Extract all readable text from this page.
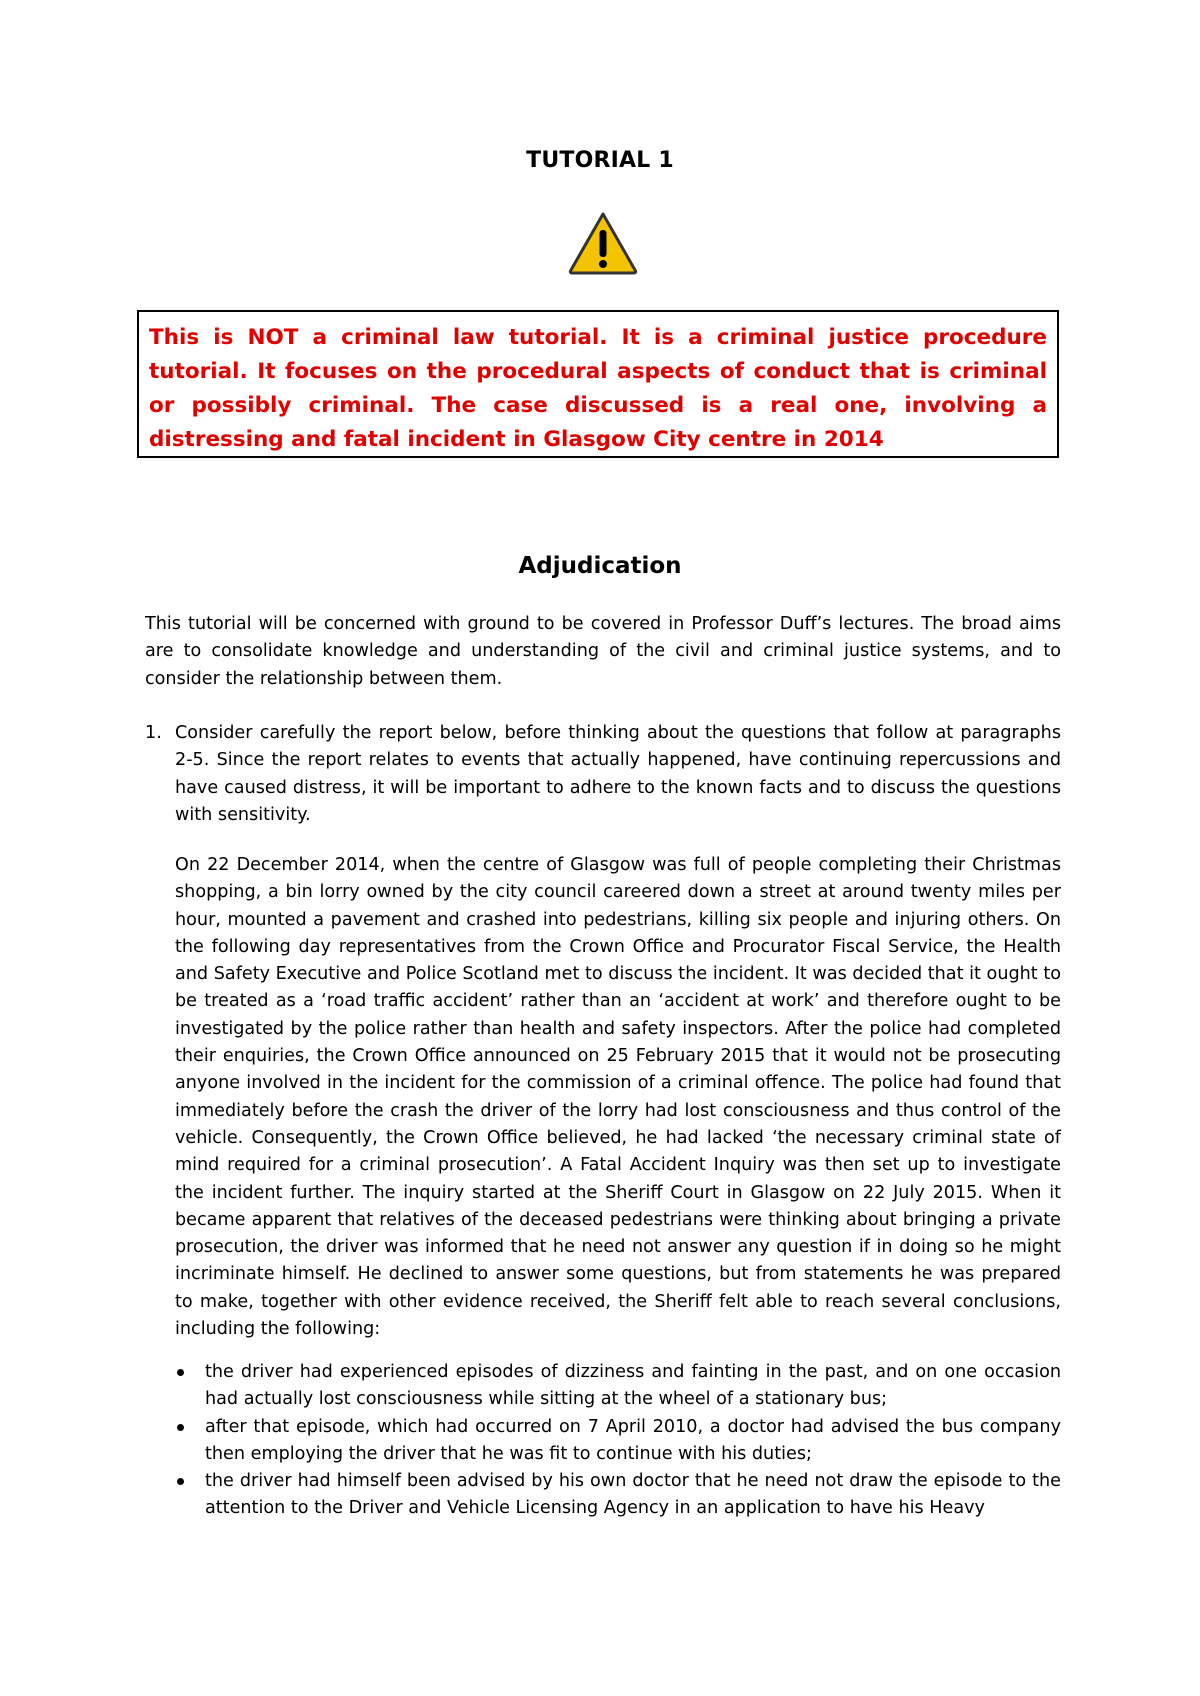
TUTORIAL 1

This is NOT a criminal law tutorial. It is a criminal justice procedure tutorial. It focuses on the procedural aspects of conduct that is criminal or possibly criminal. The case discussed is a real one, involving a distressing and fatal incident in Glasgow City centre in 2014

Adjudication

This tutorial will be concerned with ground to be covered in Professor Duff’s lectures. The broad aims are to consolidate knowledge and understanding of the civil and criminal justice systems, and to consider the relationship between them.

1. Consider carefully the report below, before thinking about the questions that follow at paragraphs 2-5. Since the report relates to events that actually happened, have continuing repercussions and have caused distress, it will be important to adhere to the known facts and to discuss the questions with sensitivity.

On 22 December 2014, when the centre of Glasgow was full of people completing their Christmas shopping, a bin lorry owned by the city council careered down a street at around twenty miles per hour, mounted a pavement and crashed into pedestrians, killing six people and injuring others. On the following day representatives from the Crown Office and Procurator Fiscal Service, the Health and Safety Executive and Police Scotland met to discuss the incident. It was decided that it ought to be treated as a ‘road traffic accident’ rather than an ‘accident at work’ and therefore ought to be investigated by the police rather than health and safety inspectors. After the police had completed their enquiries, the Crown Office announced on 25 February 2015 that it would not be prosecuting anyone involved in the incident for the commission of a criminal offence. The police had found that immediately before the crash the driver of the lorry had lost consciousness and thus control of the vehicle. Consequently, the Crown Office believed, he had lacked ‘the necessary criminal state of mind required for a criminal prosecution’. A Fatal Accident Inquiry was then set up to investigate the incident further. The inquiry started at the Sheriff Court in Glasgow on 22 July 2015. When it became apparent that relatives of the deceased pedestrians were thinking about bringing a private prosecution, the driver was informed that he need not answer any question if in doing so he might incriminate himself. He declined to answer some questions, but from statements he was prepared to make, together with other evidence received, the Sheriff felt able to reach several conclusions, including the following:

the driver had experienced episodes of dizziness and fainting in the past, and on one occasion had actually lost consciousness while sitting at the wheel of a stationary bus;

after that episode, which had occurred on 7 April 2010, a doctor had advised the bus company then employing the driver that he was fit to continue with his duties;

the driver had himself been advised by his own doctor that he need not draw the episode to the attention to the Driver and Vehicle Licensing Agency in an application to have his Heavy
